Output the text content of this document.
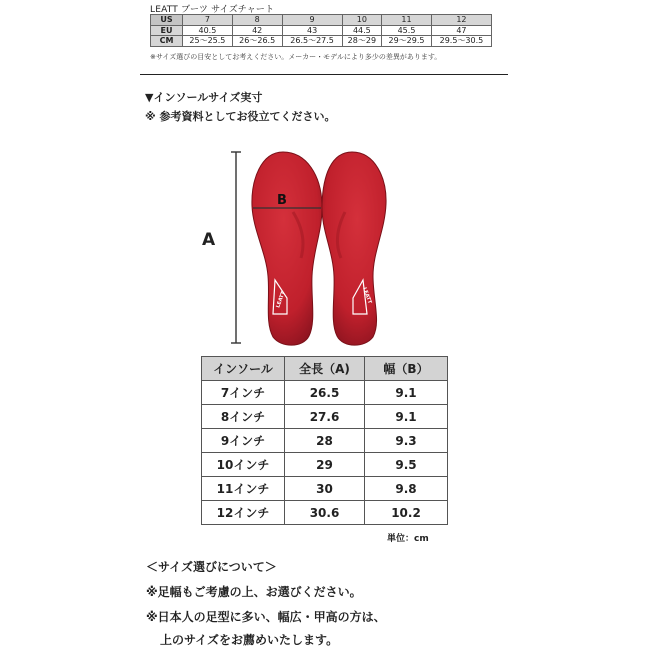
LEATT ブーツ サイズチャート
US	7	8	9	10	11	12
EU	40.5	42	43	44.5	45.5	47
CM	25～25.5	26～26.5	26.5～27.5	28～29	29～29.5	29.5～30.5
※サイズ選びの目安としてお考えください。メーカー・モデルにより多少の差異があります。
▼インソールサイズ実寸
※ 参考資料としてお役立てください。
A
B
LEATT	LEATT
インソール	全長（A)	幅（B）
7インチ	26.5	9.1
8インチ	27.6	9.1
9インチ	28	9.3
10インチ	29	9.5
11インチ	30	9.8
12インチ	30.6	10.2
単位：cm
＜サイズ選びについて＞
※足幅もご考慮の上、お選びください。
※日本人の足型に多い、幅広・甲高の方は、
上のサイズをお薦めいたします。
